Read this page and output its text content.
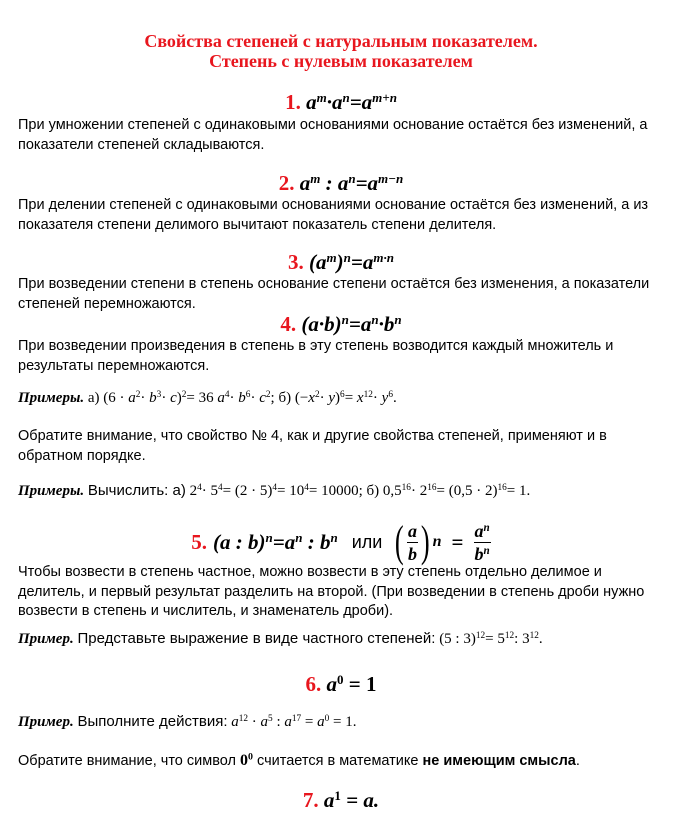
Свойства степеней с натуральным показателем.
Степень с нулевым показателем
1. $a^m\cdot a^n=a^{m+n}$
При умножении степеней с одинаковыми основаниями основание остаётся без изменений, а показатели степеней складываются.
2. $a^m$ : $a^n=a^{m-n}$
При делении степеней с одинаковыми основаниями основание остаётся без изменений, а из показателя степени делимого вычитают показатель степени делителя.
3. $(a^m)^n=a^{m\cdot n}$
При возведении степени в степень основание степени остаётся без изменения, а показатели степеней перемножаются.
4. $(a\cdot b)^n=a^n\cdot b^n$
При возведении произведения в степень в эту степень возводится каждый множитель и результаты перемножаются.
Примеры. а) $(6 \cdot a^2\cdot b^3\cdot c)^2= 36$ $a^4\cdot b^6\cdot c^2$; б) $(-x^2\cdot y)^6= x^{12}\cdot y^6$.
Обратите внимание, что свойство № 4, как и другие свойства степеней, применяют и в обратном порядке.
Примеры. Вычислить: а) $2^4\cdot 5^4= (2 \cdot 5)^4= 10^4= 10000$; б) $0,5^{16}\cdot 2^{16}= (0,5 \cdot 2)^{16}= 1$.
5. (a : $b)^n=a^n$ : $b^n$ или ( $\frac{a}{b}$ ) $n = \frac{a^n}{b^n}$
Чтобы возвести в степень частное, можно возвести в эту степень отдельно делимое и делитель, и первый результат разделить на второй. (При возведении в степень дроби нужно возвести в степень и числитель, и знаменатель дроби).
Пример. Представьте выражение в виде частного степеней: (5 : $3)^{12}= 5^{12}$: $3^{12}$.
6. $a^0 = 1$
Пример. Выполните действия: $a^{12} \cdot a^5$ : $a^{17} = a^0 = 1$.
Обратите внимание, что символ $0^0$ считается в математике не имеющим смысла.
7. $a^1 = a$.
